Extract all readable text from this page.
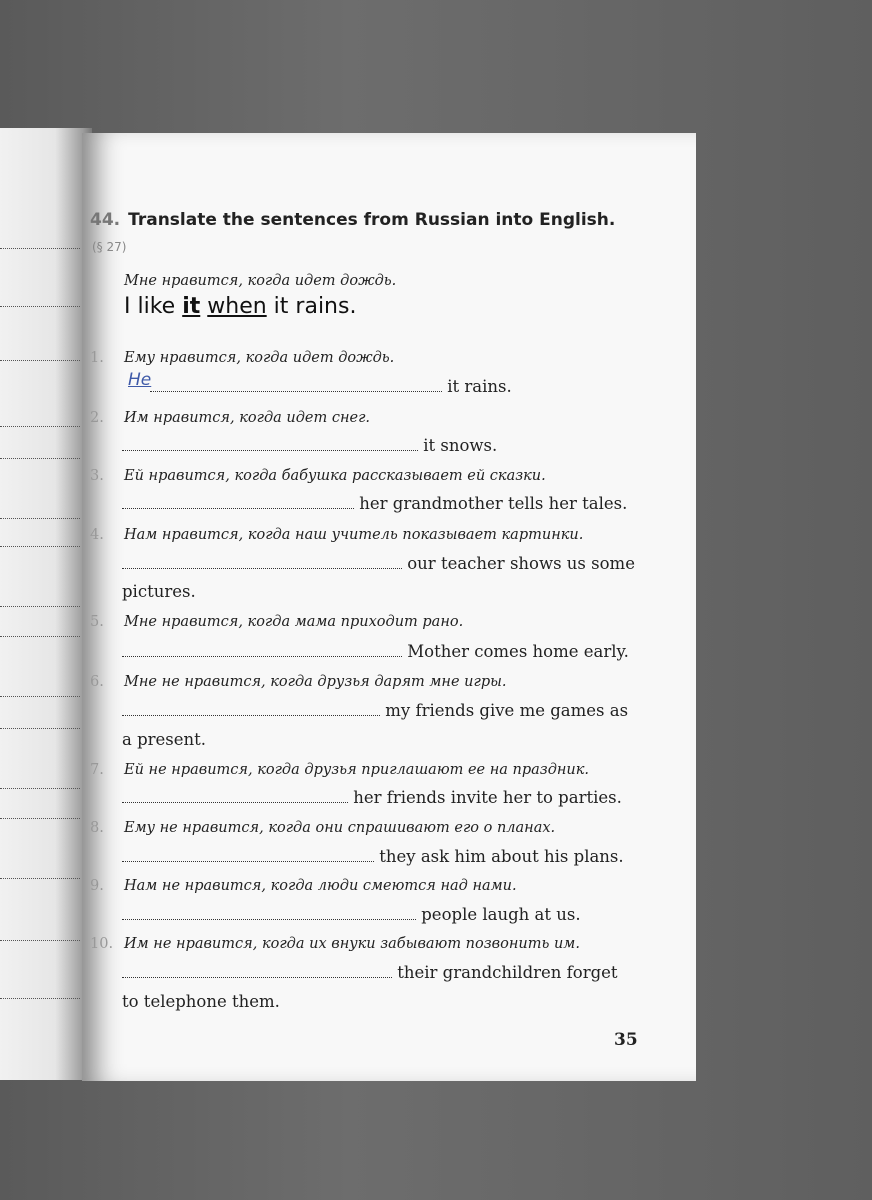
44. Translate the sentences from Russian into English.
(§ 27)
Мне нравится, когда идет дождь.
I like it when it rains.
1. Ему нравится, когда идет дождь.
He	it rains.
2. Им нравится, когда идет снег.
it snows.
3. Ей нравится, когда бабушка рассказывает ей сказки.
her grandmother tells her tales.
4. Нам нравится, когда наш учитель показывает картинки.
our teacher shows us some
pictures.
5. Мне нравится, когда мама приходит рано.
Mother comes home early.
6. Мне не нравится, когда друзья дарят мне игры.
my friends give me games as
a present.
7. Ей не нравится, когда друзья приглашают ее на праздник.
her friends invite her to parties.
8. Ему не нравится, когда они спрашивают его о планах.
they ask him about his plans.
9. Нам не нравится, когда люди смеются над нами.
people laugh at us.
10. Им не нравится, когда их внуки забывают позвонить им.
their grandchildren forget
to telephone them.
35
